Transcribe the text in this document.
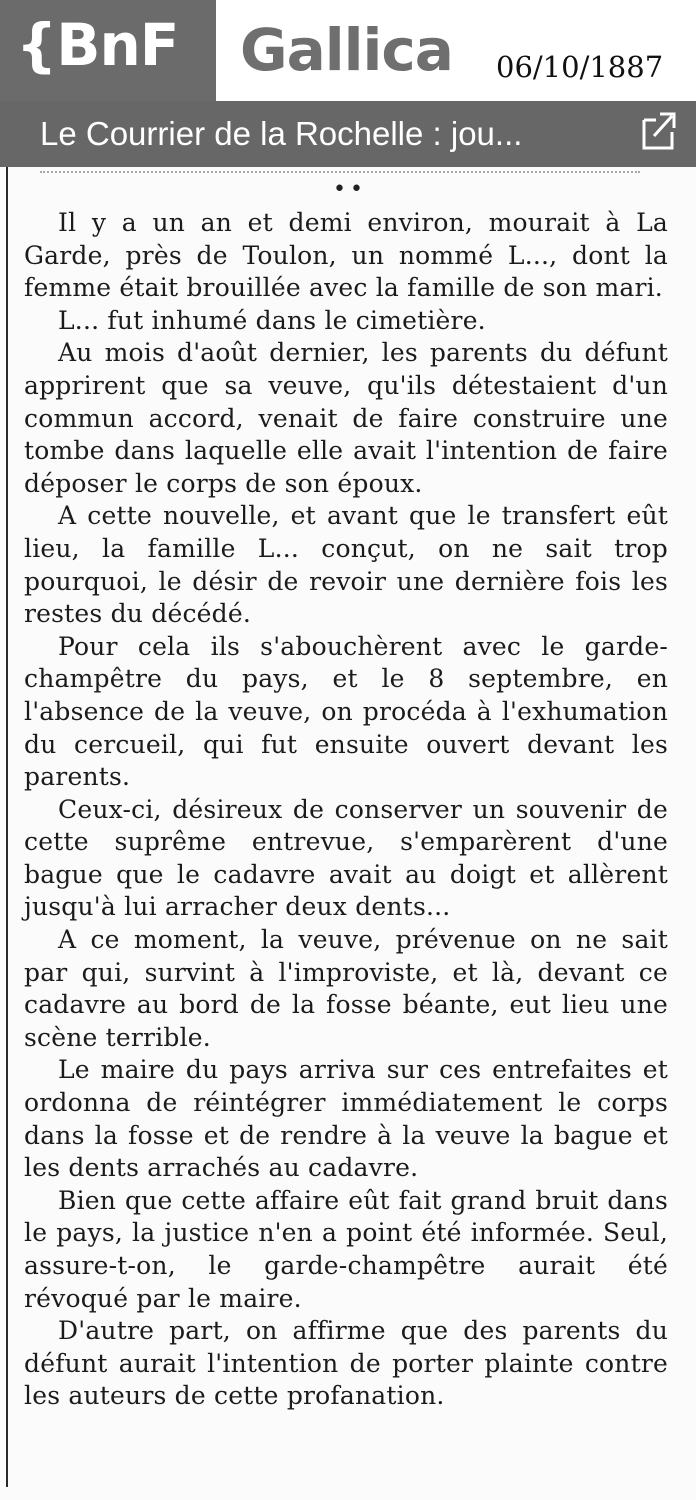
{BnF	Gallica 06/10/1887
Le Courrier de la Rochelle : jou...
••

Il y a un an et demi environ, mourait à La Garde, près de Toulon, un nommé L..., dont la femme était brouillée avec la famille de son mari.

L... fut inhumé dans le cimetière.

Au mois d'août dernier, les parents du défunt apprirent que sa veuve, qu'ils détestaient d'un commun accord, venait de faire construire une tombe dans laquelle elle avait l'intention de faire déposer le corps de son époux.

A cette nouvelle, et avant que le transfert eût lieu, la famille L... conçut, on ne sait trop pourquoi, le désir de revoir une dernière fois les restes du décédé.

Pour cela ils s'abouchèrent avec le garde-champêtre du pays, et le 8 septembre, en l'absence de la veuve, on procéda à l'exhumation du cercueil, qui fut ensuite ouvert devant les parents.

Ceux-ci, désireux de conserver un souvenir de cette suprême entrevue, s'emparèrent d'une bague que le cadavre avait au doigt et allèrent jusqu'à lui arracher deux dents...

A ce moment, la veuve, prévenue on ne sait par qui, survint à l'improviste, et là, devant ce cadavre au bord de la fosse béante, eut lieu une scène terrible.

Le maire du pays arriva sur ces entrefaites et ordonna de réintégrer immédiatement le corps dans la fosse et de rendre à la veuve la bague et les dents arrachés au cadavre.

Bien que cette affaire eût fait grand bruit dans le pays, la justice n'en a point été informée. Seul, assure-t-on, le garde-champêtre aurait été révoqué par le maire.

D'autre part, on affirme que des parents du défunt aurait l'intention de porter plainte contre les auteurs de cette profanation.
